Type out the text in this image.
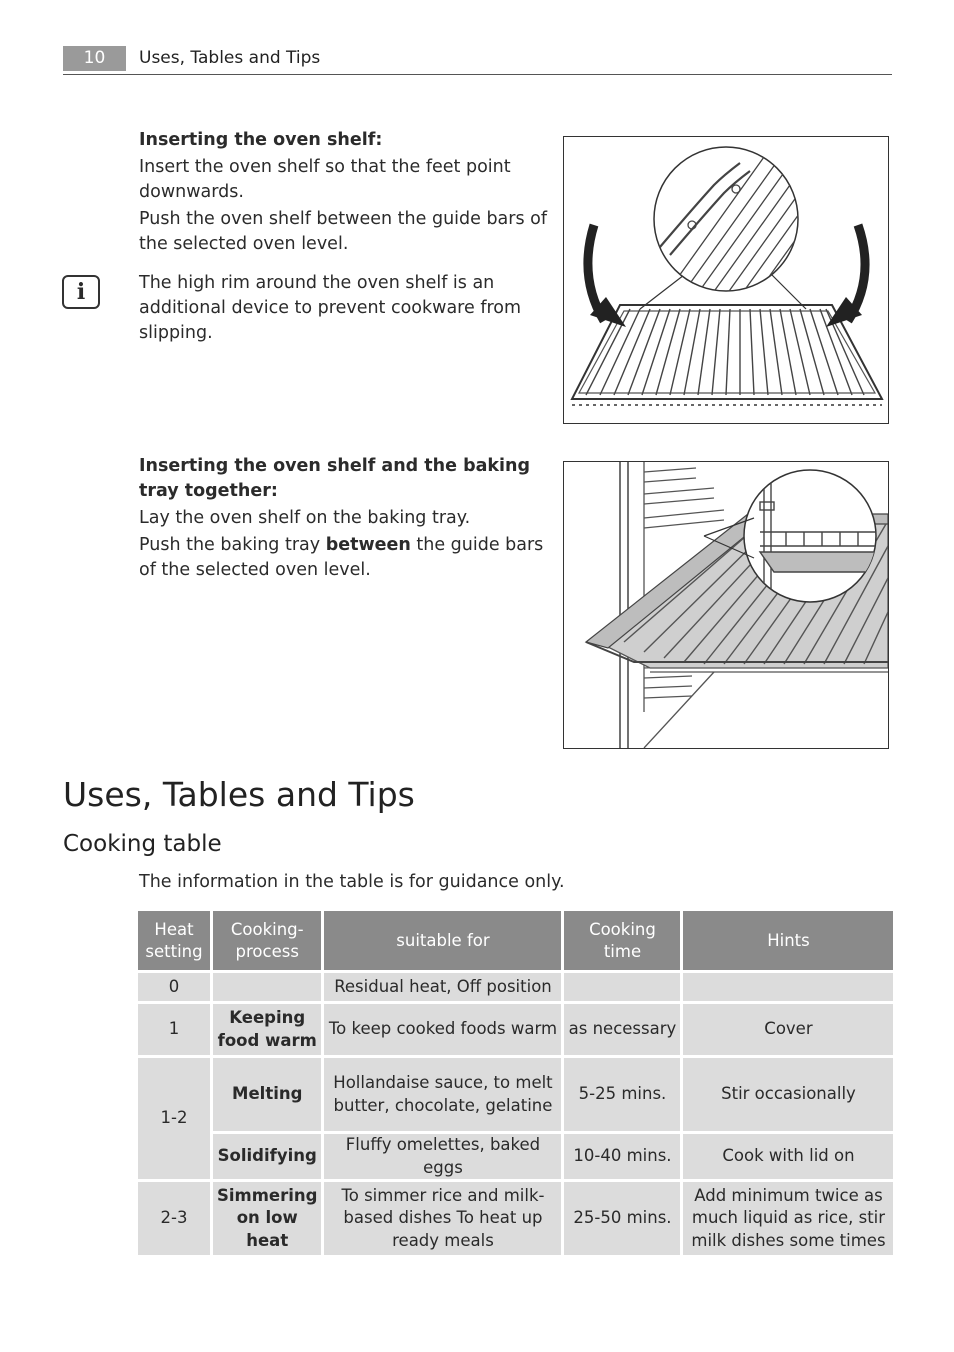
10	Uses, Tables and Tips

Inserting the oven shelf:

Insert the oven shelf so that the feet point downwards.

Push the oven shelf between the guide bars of the selected oven level.

i	The high rim around the oven shelf is an additional device to prevent cookware from slipping.

Inserting the oven shelf and the baking tray together:

Lay the oven shelf on the baking tray.

Push the baking tray between the guide bars of the selected oven level.

Uses, Tables and Tips
Cooking table
The information in the table is for guidance only.
Heat setting	Cooking-process	suitable for	Cooking time	Hints
0		Residual heat, Off position		
1	Keeping food warm	To keep cooked foods warm	as necessary	Cover
1-2	Melting	Hollandaise sauce, to melt butter, chocolate, gelatine	5-25 mins.	Stir occasionally
	Solidifying	Fluffy omelettes, baked eggs	10-40 mins.	Cook with lid on
2-3	Simmering on low heat	To simmer rice and milk-based dishes To heat up ready meals	25-50 mins.	Add minimum twice as much liquid as rice, stir milk dishes some times
